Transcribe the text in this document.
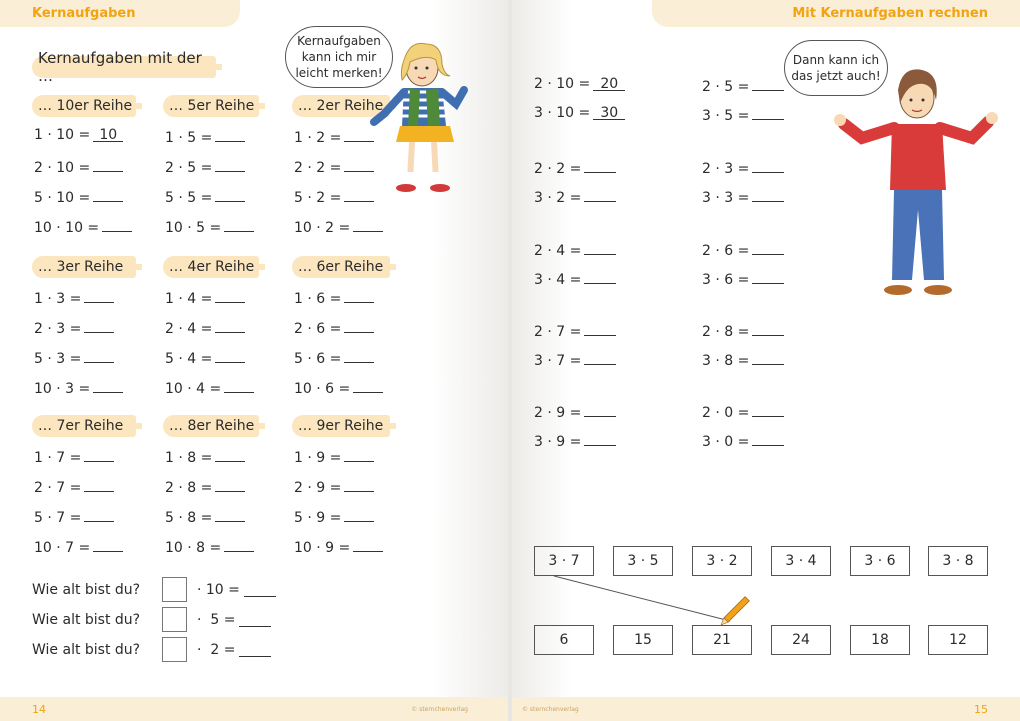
Kernaufgaben
Kernaufgaben mit der …
… 10er Reihe
1 · 10 = 10
2 · 10 =
5 · 10 =
10 · 10 =
… 5er Reihe
1 · 5 =
2 · 5 =
5 · 5 =
10 · 5 =
… 2er Reihe
1 · 2 =
2 · 2 =
5 · 2 =
10 · 2 =
… 3er Reihe
1 · 3 =
2 · 3 =
5 · 3 =
10 · 3 =
… 4er Reihe
1 · 4 =
2 · 4 =
5 · 4 =
10 · 4 =
… 6er Reihe
1 · 6 =
2 · 6 =
5 · 6 =
10 · 6 =
… 7er Reihe
1 · 7 =
2 · 7 =
5 · 7 =
10 · 7 =
… 8er Reihe
1 · 8 =
2 · 8 =
5 · 8 =
10 · 8 =
… 9er Reihe
1 · 9 =
2 · 9 =
5 · 9 =
10 · 9 =
Kernaufgaben
kann ich mir
leicht merken!
Wie alt bist du?	· 10 =
Wie alt bist du?	·  5 =
Wie alt bist du?	·  2 =
14	© sternchenverlag
Mit Kernaufgaben rechnen
2 · 10 = 20
3 · 10 = 30
2 · 5 =
3 · 5 =
2 · 2 =
3 · 2 =
2 · 3 =
3 · 3 =
2 · 4 =
3 · 4 =
2 · 6 =
3 · 6 =
2 · 7 =
3 · 7 =
2 · 8 =
3 · 8 =
2 · 9 =
3 · 9 =
2 · 0 =
3 · 0 =
Dann kann ich
das jetzt auch!
3 · 7	3 · 5	3 · 2	3 · 4	3 · 6	3 · 8
6	15	21	24	18	12
© sternchenverlag	15
